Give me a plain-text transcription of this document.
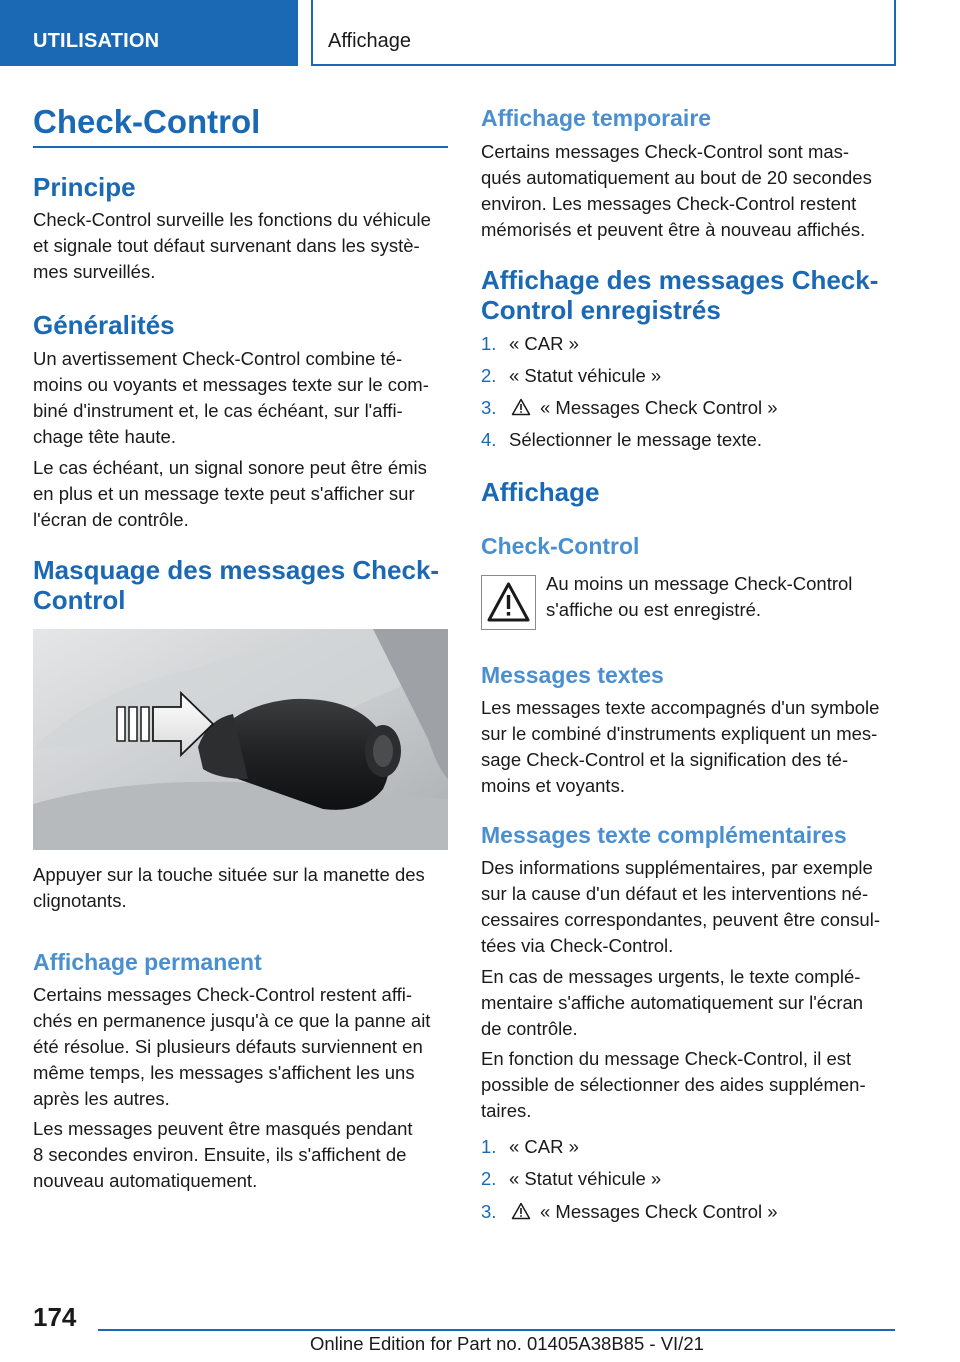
UTILISATION	Affichage
Check-Control
Principe
Check-Control surveille les fonctions du véhicule
et signale tout défaut survenant dans les systè-
mes surveillés.
Généralités
Un avertissement Check-Control combine té-
moins ou voyants et messages texte sur le com-
biné d'instrument et, le cas échéant, sur l'affi-
chage tête haute.
Le cas échéant, un signal sonore peut être émis
en plus et un message texte peut s'afficher sur
l'écran de contrôle.
Masquage des messages Check-
Control
Appuyer sur la touche située sur la manette des
clignotants.
Affichage permanent
Certains messages Check-Control restent affi-
chés en permanence jusqu'à ce que la panne ait
été résolue. Si plusieurs défauts surviennent en
même temps, les messages s'affichent les uns
après les autres.
Les messages peuvent être masqués pendant
8 secondes environ. Ensuite, ils s'affichent de
nouveau automatiquement.
Affichage temporaire
Certains messages Check-Control sont mas-
qués automatiquement au bout de 20 secondes
environ. Les messages Check-Control restent
mémorisés et peuvent être à nouveau affichés.
Affichage des messages Check-
Control enregistrés
1. « CAR »
2. « Statut véhicule »
3. « Messages Check Control »
4. Sélectionner le message texte.
Affichage
Check-Control
Au moins un message Check-Control
s'affiche ou est enregistré.
Messages textes
Les messages texte accompagnés d'un symbole
sur le combiné d'instruments expliquent un mes-
sage Check-Control et la signification des té-
moins et voyants.
Messages texte complémentaires
Des informations supplémentaires, par exemple
sur la cause d'un défaut et les interventions né-
cessaires correspondantes, peuvent être consul-
tées via Check-Control.
En cas de messages urgents, le texte complé-
mentaire s'affiche automatiquement sur l'écran
de contrôle.
En fonction du message Check-Control, il est
possible de sélectionner des aides supplémen-
taires.
1. « CAR »
2. « Statut véhicule »
3. « Messages Check Control »
174
Online Edition for Part no. 01405A38B85 - VI/21
